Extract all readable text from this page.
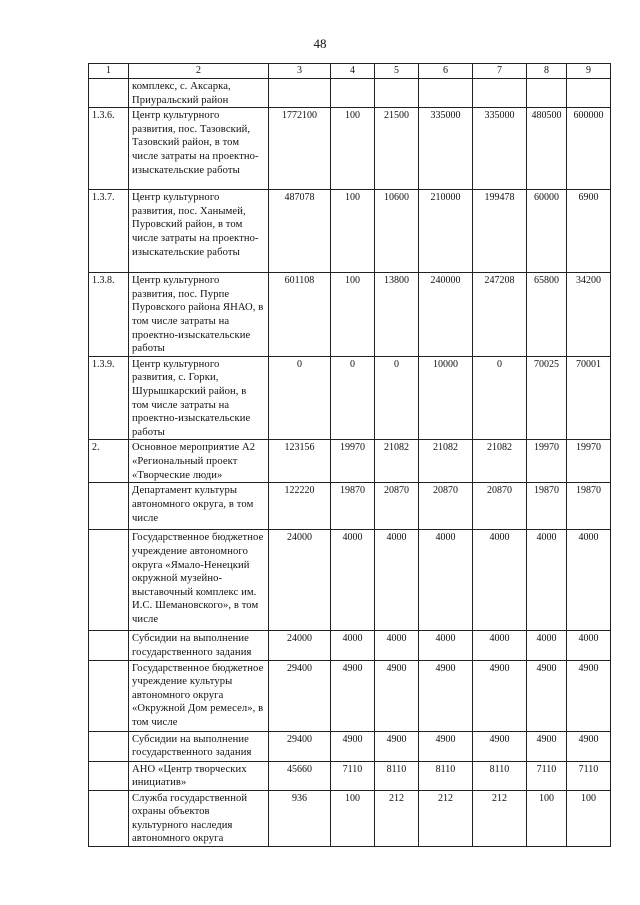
48
1	2	3	4	5	6	7	8	9
	комплекс, с. Аксарка, Приуральский район							
1.3.6.	Центр культурного развития, пос. Тазовский, Тазовский район, в том числе затраты на проектно-изыскательские работы	1772100	100	21500	335000	335000	480500	600000
1.3.7.	Центр культурного развития, пос. Ханымей, Пуровский район, в том числе затраты на проектно-изыскательские работы	487078	100	10600	210000	199478	60000	6900
1.3.8.	Центр культурного развития, пос. Пурпе Пуровского района ЯНАО, в том числе затраты на проектно-изыскательские работы	601108	100	13800	240000	247208	65800	34200
1.3.9.	Центр культурного развития, с. Горки, Шурышкарский район, в том числе затраты на проектно-изыскательские работы	0	0	0	10000	0	70025	70001
2.	Основное мероприятие А2 «Региональный проект «Творческие люди»	123156	19970	21082	21082	21082	19970	19970
	Департамент культуры автономного округа, в том числе	122220	19870	20870	20870	20870	19870	19870
	Государственное бюджетное учреждение автономного округа «Ямало-Ненецкий окружной музейно-выставочный комплекс им. И.С. Шемановского», в том числе	24000	4000	4000	4000	4000	4000	4000
	Субсидии на выполнение государственного задания	24000	4000	4000	4000	4000	4000	4000
	Государственное бюджетное учреждение культуры автономного округа «Окружной Дом ремесел», в том числе	29400	4900	4900	4900	4900	4900	4900
	Субсидии на выполнение государственного задания	29400	4900	4900	4900	4900	4900	4900
	АНО «Центр творческих инициатив»	45660	7110	8110	8110	8110	7110	7110
	Служба государственной охраны объектов культурного наследия автономного округа	936	100	212	212	212	100	100
